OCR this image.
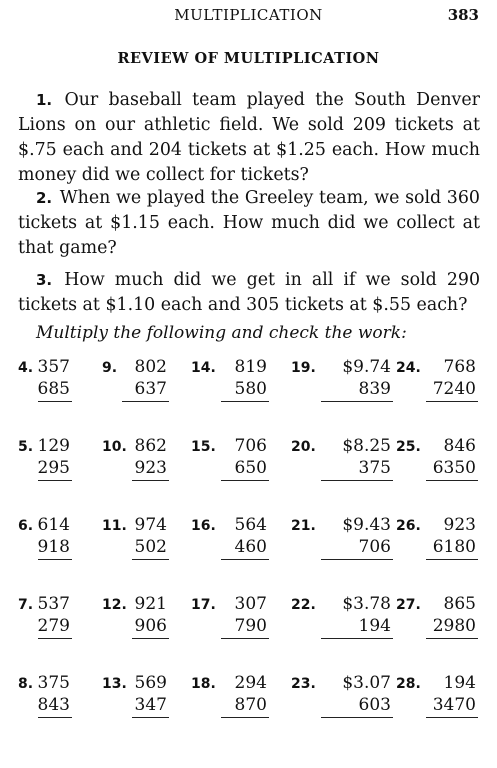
MULTIPLICATION	383
REVIEW OF MULTIPLICATION
1. Our baseball team played the South Denver Lions on our athletic field. We sold 209 tickets at $.75 each and 204 tickets at $1.25 each. How much money did we collect for tickets?
2. When we played the Greeley team, we sold 360 tickets at $1.15 each. How much did we collect at that game?
3. How much did we get in all if we sold 290 tickets at $1.10 each and 305 tickets at $.55 each?
Multiply the following and check the work:
4. 357
685
9. 802
637
14. 819
580
19. $9.74
839
24. 768
7240
5. 129
295
10. 862
923
15. 706
650
20. $8.25
375
25. 846
6350
6. 614
918
11. 974
502
16. 564
460
21. $9.43
706
26. 923
6180
7. 537
279
12. 921
906
17. 307
790
22. $3.78
194
27. 865
2980
8. 375
843
13. 569
347
18. 294
870
23. $3.07
603
28. 194
3470
